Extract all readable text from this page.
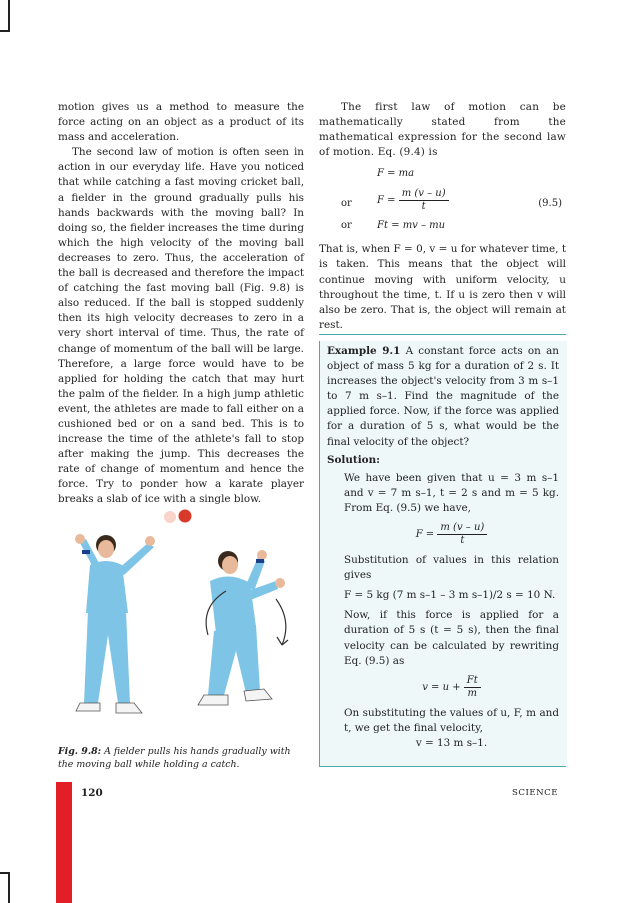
motion gives us a method to measure the force acting on an object as a product of its mass and acceleration.

The second law of motion is often seen in action in our everyday life. Have you noticed that while catching a fast moving cricket ball, a fielder in the ground gradually pulls his hands backwards with the moving ball? In doing so, the fielder increases the time during which the high velocity of the moving ball decreases to zero. Thus, the acceleration of the ball is decreased and therefore the impact of catching the fast moving ball (Fig. 9.8) is also reduced. If the ball is stopped suddenly then its high velocity decreases to zero in a very short interval of time. Thus, the rate of change of momentum of the ball will be large. Therefore, a large force would have to be applied for holding the catch that may hurt the palm of the fielder. In a high jump athletic event, the athletes are made to fall either on a cushioned bed or on a sand bed. This is to increase the time of the athlete's fall to stop after making the jump. This decreases the rate of change of momentum and hence the force. Try to ponder how a karate player breaks a slab of ice with a single blow.

Fig. 9.8: A fielder pulls his hands gradually with the moving ball while holding a catch.

The first law of motion can be mathematically stated from the mathematical expression for the second law of motion. Eq. (9.4) is

F = ma
or	$F = \frac{m (v - u)}{t}$	(9.5)
or	Ft = mv – mu

That is, when F = 0, v = u for whatever time, t is taken. This means that the object will continue moving with uniform velocity, u throughout the time, t. If u is zero then v will also be zero. That is, the object will remain at rest.

Example 9.1 A constant force acts on an object of mass 5 kg for a duration of 2 s. It increases the object's velocity from 3 m s–1 to 7 m s–1. Find the magnitude of the applied force. Now, if the force was applied for a duration of 5 s, what would be the final velocity of the object?

Solution:

We have been given that u = 3 m s–1 and v = 7 m s–1, t = 2 s and m = 5 kg. From Eq. (9.5) we have,

$F = \frac{m (v - u)}{t}$

Substitution of values in this relation gives

F = 5 kg (7 m s–1 – 3 m s–1)/2 s = 10 N.

Now, if this force is applied for a duration of 5 s (t = 5 s), then the final velocity can be calculated by rewriting Eq. (9.5) as

$v = u + \frac{Ft}{m}$

On substituting the values of u, F, m and t, we get the final velocity,

v = 13 m s–1.

120	SCIENCE
